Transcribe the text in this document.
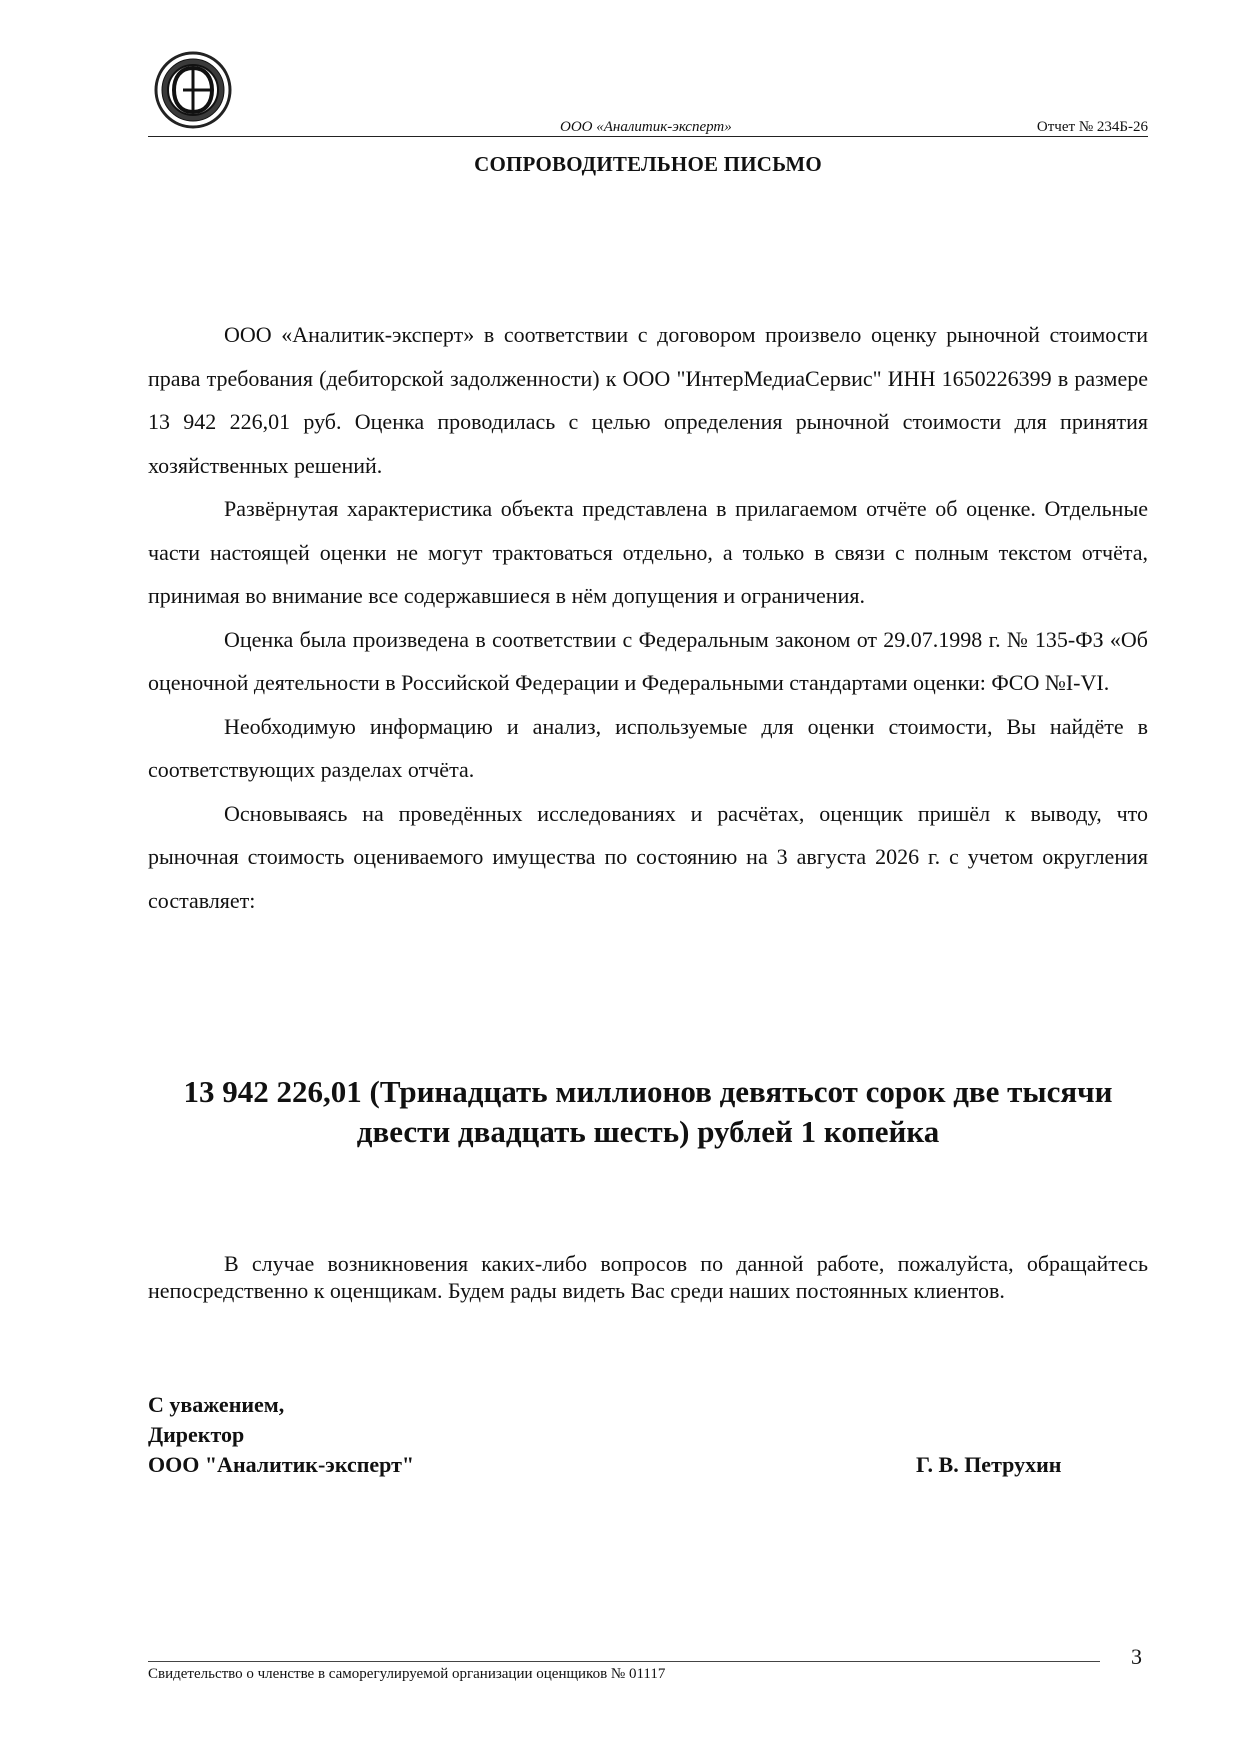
ООО «Аналитик-эксперт»	Отчет № 234Б-26
СОПРОВОДИТЕЛЬНОЕ ПИСЬМО

ООО «Аналитик-эксперт» в соответствии с договором произвело оценку рыночной стоимости права требования (дебиторской задолженности) к ООО "ИнтерМедиаСервис" ИНН 1650226399 в размере 13 942 226,01 руб. Оценка проводилась с целью определения рыночной стоимости для принятия хозяйственных решений.

Развёрнутая характеристика объекта представлена в прилагаемом отчёте об оценке. Отдельные части настоящей оценки не могут трактоваться отдельно, а только в связи с полным текстом отчёта, принимая во внимание все содержавшиеся в нём допущения и ограничения.

Оценка была произведена в соответствии с Федеральным законом от 29.07.1998 г. № 135-ФЗ «Об оценочной деятельности в Российской Федерации и Федеральными стандартами оценки: ФСО №I-VI.

Необходимую информацию и анализ, используемые для оценки стоимости, Вы найдёте в соответствующих разделах отчёта.

Основываясь на проведённых исследованиях и расчётах, оценщик пришёл к выводу, что рыночная стоимость оцениваемого имущества по состоянию на 3 августа 2026 г. с учетом округления составляет:

13 942 226,01 (Тринадцать миллионов девятьсот сорок две тысячи
двести двадцать шесть) рублей 1 копейка

В случае возникновения каких-либо вопросов по данной работе, пожалуйста, обращайтесь непосредственно к оценщикам. Будем рады видеть Вас среди наших постоянных клиентов.

С уважением,
Директор
ООО "Аналитик-эксперт"	Г. В. Петрухин
Свидетельство о членстве в саморегулируемой организации оценщиков № 01117
3
